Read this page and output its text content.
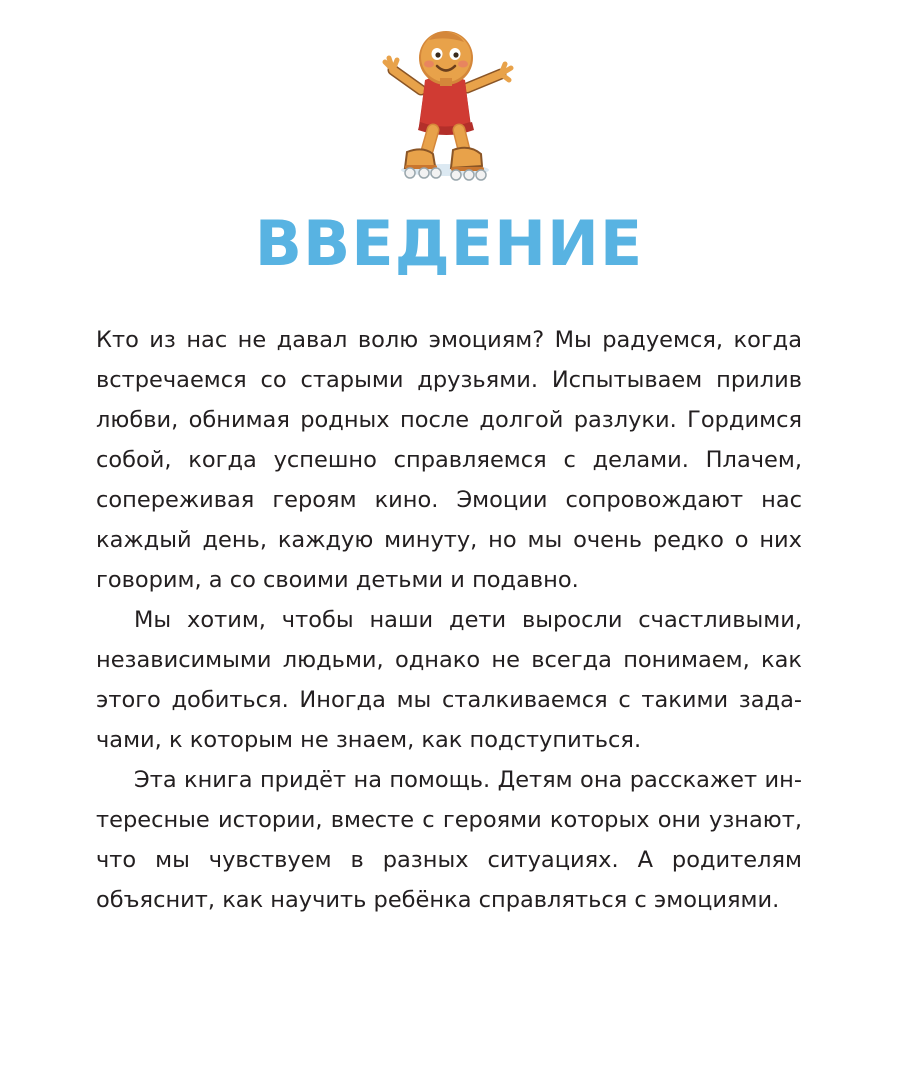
ВВЕДЕНИЕ

Кто из нас не давал волю эмоциям? Мы радуемся, когда встречаемся со старыми друзьями. Испытываем прилив любви, обнимая родных после долгой разлуки. Гордимся собой, когда успешно справляемся с делами. Плачем, сопереживая героям кино. Эмоции сопровождают нас каждый день, каждую минуту, но мы очень редко о них говорим, а со своими детьми и подавно.

Мы хотим, чтобы наши дети выросли счастливыми, независимыми людьми, однако не всегда понимаем, как этого добиться. Иногда мы сталкиваемся с такими задачами, к которым не знаем, как подступиться.

Эта книга придёт на помощь. Детям она расскажет интересные истории, вместе с героями которых они узнают, что мы чувствуем в разных ситуациях. А родителям объяснит, как научить ребёнка справляться с эмоциями.
